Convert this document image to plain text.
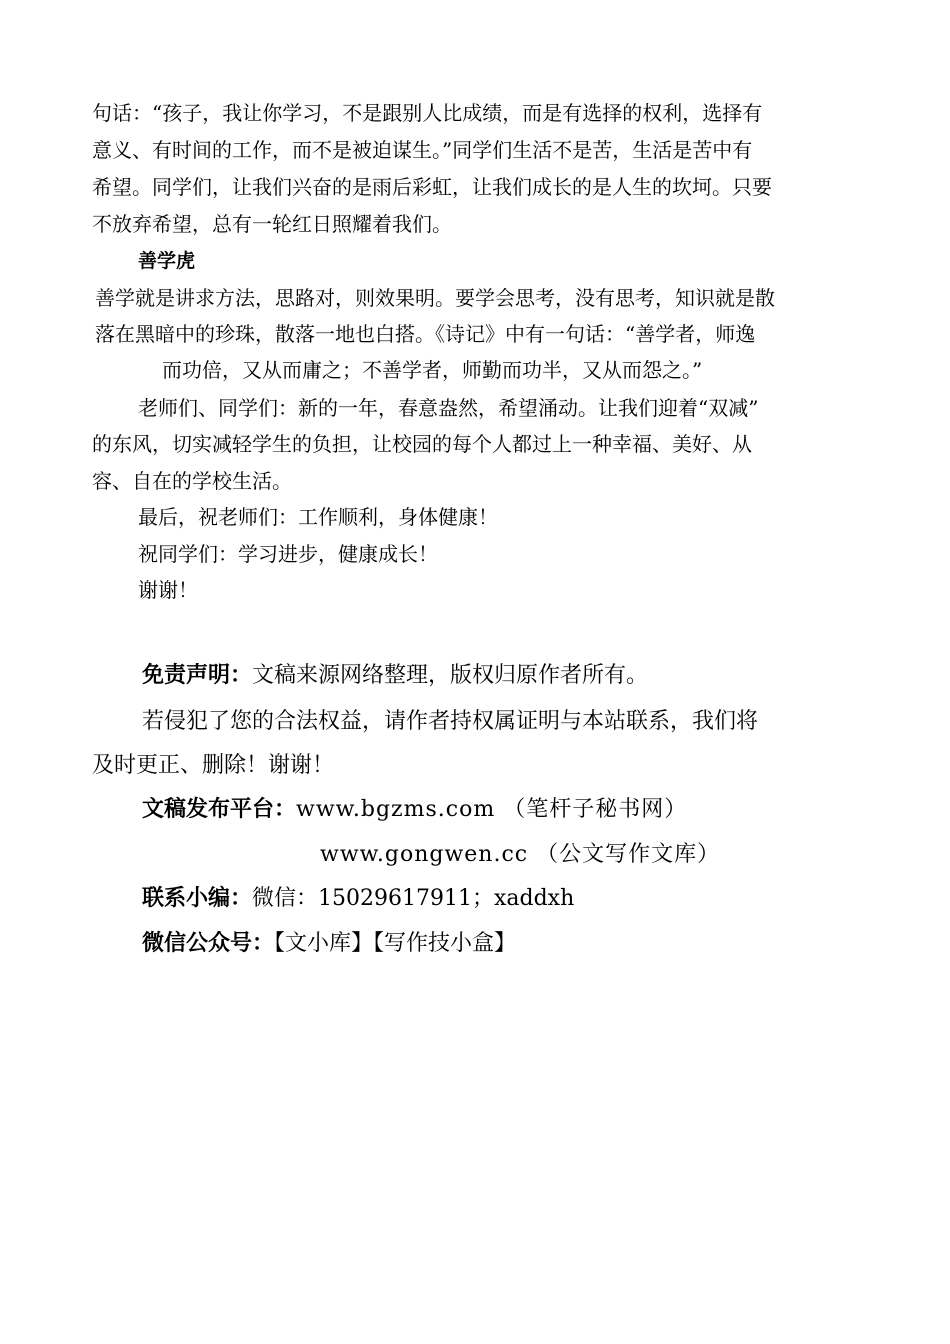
句话：“孩子，我让你学习，不是跟别人比成绩，而是有选择的权利，选择有
意义、有时间的工作，而不是被迫谋生。”同学们生活不是苦，生活是苦中有
希望。同学们，让我们兴奋的是雨后彩虹，让我们成长的是人生的坎坷。只要
不放弃希望，总有一轮红日照耀着我们。
善学虎
善学就是讲求方法，思路对，则效果明。要学会思考，没有思考，知识就是散
落在黑暗中的珍珠，散落一地也白搭。《诗记》中有一句话：“善学者，师逸
而功倍，又从而庸之；不善学者，师勤而功半，又从而怨之。”
老师们、同学们：新的一年，春意盎然，希望涌动。让我们迎着“双减”
的东风，切实减轻学生的负担，让校园的每个人都过上一种幸福、美好、从
容、自在的学校生活。
最后，祝老师们：工作顺利，身体健康！
祝同学们：学习进步，健康成长！
谢谢！
免责声明：文稿来源网络整理，版权归原作者所有。
若侵犯了您的合法权益，请作者持权属证明与本站联系，我们将
及时更正、删除！谢谢！
文稿发布平台：www.bgzms.com （笔杆子秘书网）
www.gongwen.cc （公文写作文库）
联系小编：微信：15029617911；xaddxh
微信公众号：【文小库】【写作技小盒】
